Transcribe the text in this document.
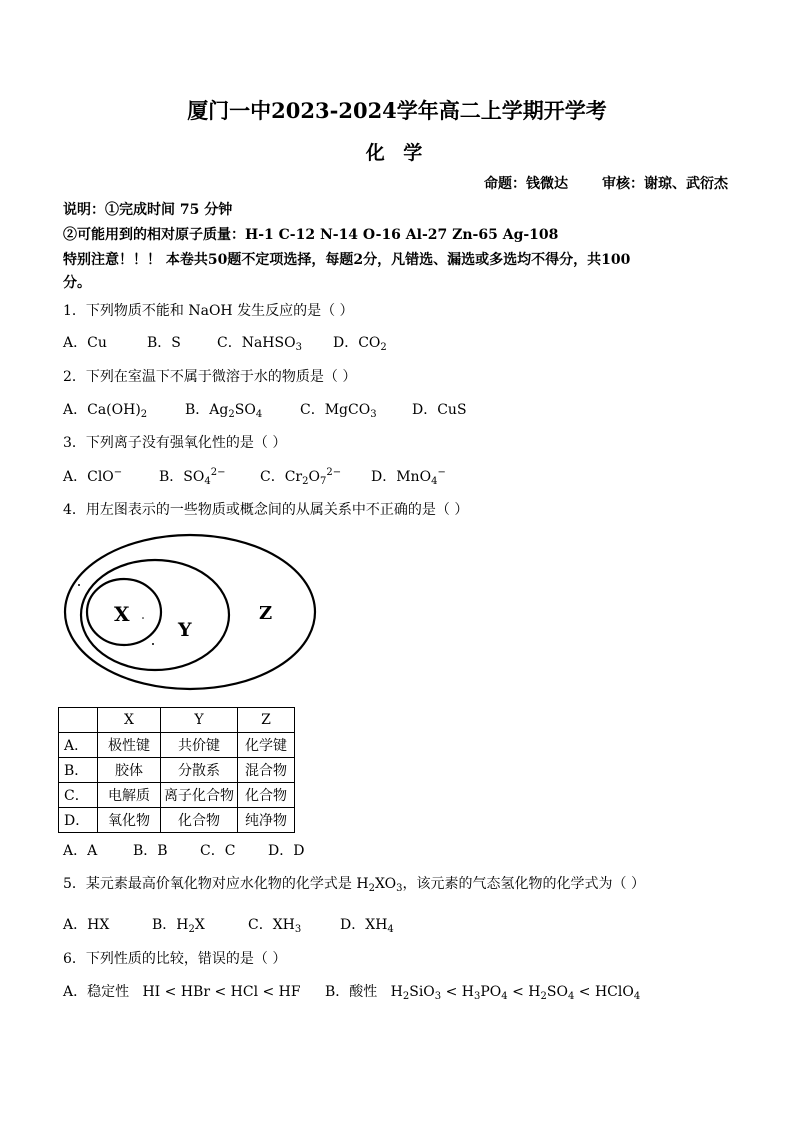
厦门一中2023-2024学年高二上学期开学考
化 学
命题：钱微达 审核：谢琼、武衍杰
说明：①完成时间 75 分钟
②可能用到的相对原子质量：H-1 C-12 N-14 O-16 Al-27 Zn-65 Ag-108
特别注意！！！ 本卷共50题不定项选择，每题2分，凡错选、漏选或多选均不得分，共100
分。
1．下列物质不能和 NaOH 发生反应的是（ ）
A．Cu	B．S	C．NaHSO$_3$ D．$CO_2$
2．下列在室温下不属于微溶于水的物质是（ ）
A．$Ca(OH)_2$	B．$Ag_2SO_4$	C．MgCO$_3$	D．CuS
3．下列离子没有强氧化性的是（ ）
A．ClO−	B．$SO_4^{2-}$ C．$Cr_2O_7^{2-}$ D．MnO$_4$−
4．用左图表示的一些物质或概念间的从属关系中不正确的是（ ）
X
Y
Z
	X	Y	Z
A．	极性键	共价键	化学键
B．	胶体	分散系	混合物
C．	电解质	离子化合物	化合物
D．	氧化物	化合物	纯净物
A．A	B．B C．C D．D
5．某元素最高价氧化物对应水化物的化学式是 $H_2XO_3$，该元素的气态氢化物的化学式为（ ）
A．HX	B．$H_2X$	C．$XH_3$	D．$XH_4$
6．下列性质的比较，错误的是（ ）
A．稳定性   HI < HBr < HCl < HF B．酸性   $H_2SiO_3 < H_3PO_4 < H_2SO_4$ < HClO$_4$
